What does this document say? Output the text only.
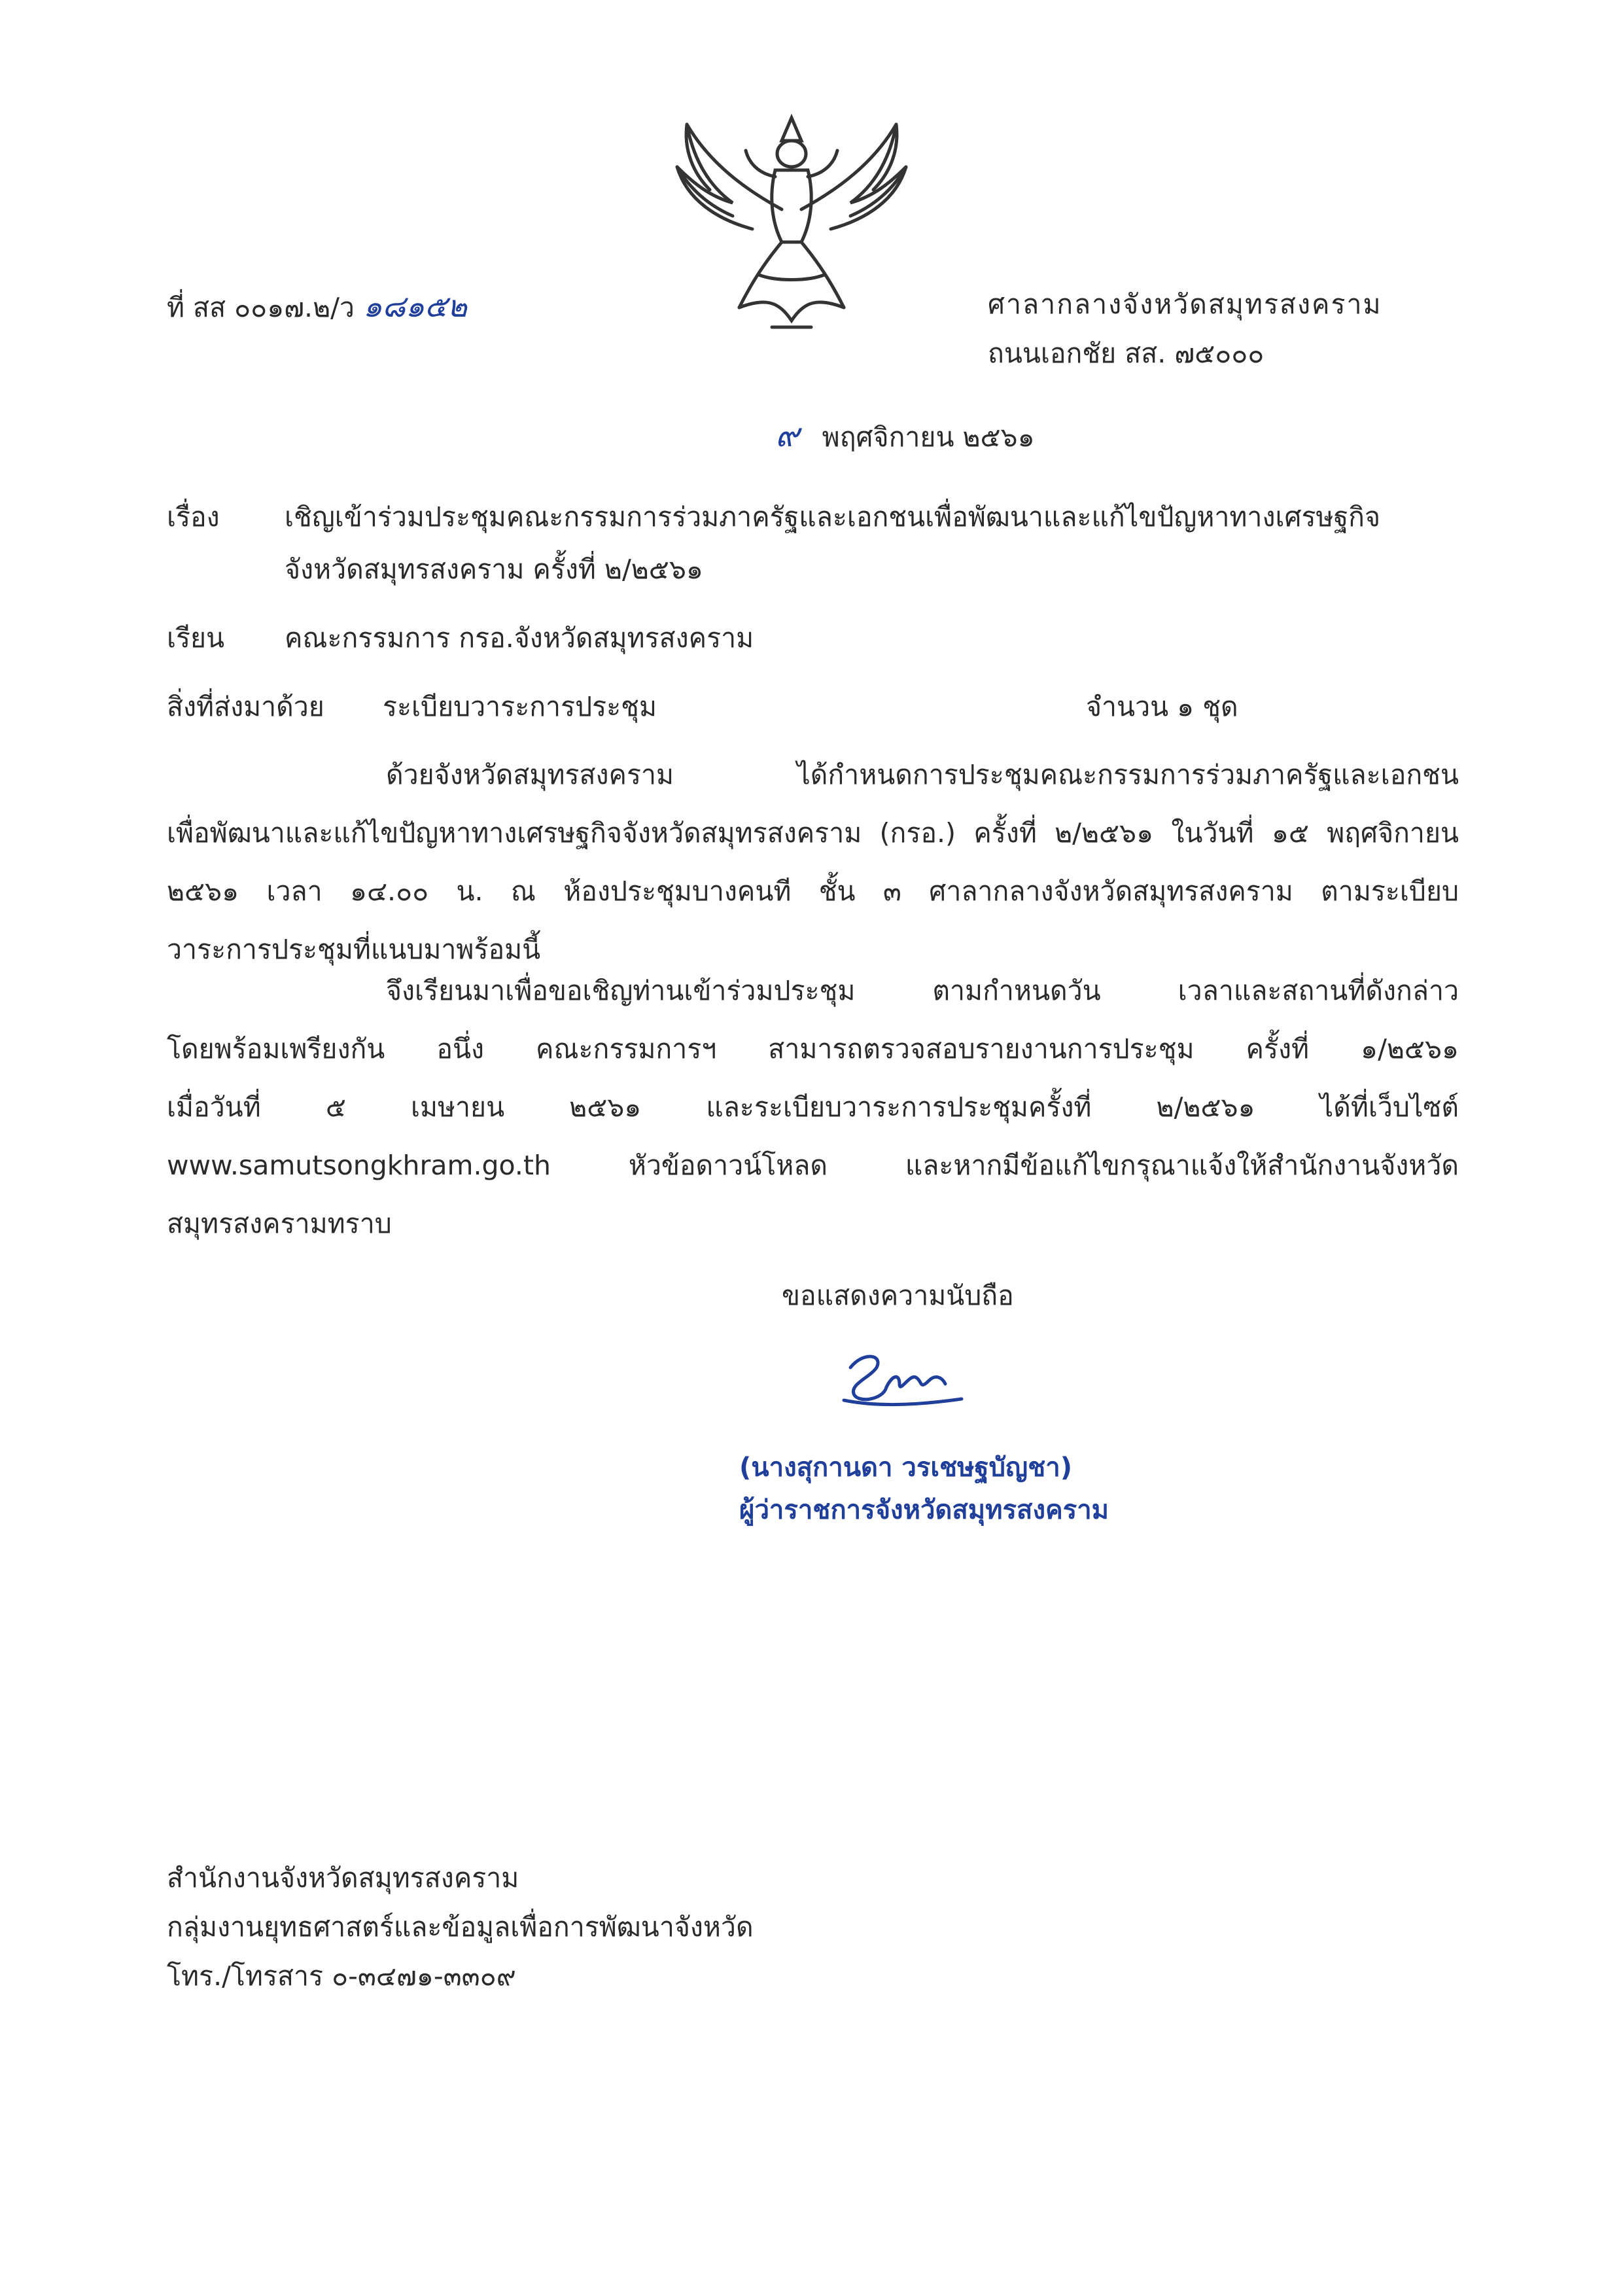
ที่ สส ๐๐๑๗.๒/ว ๑๘๑๕๒	ศาลากลางจังหวัดสมุทรสงคราม
ถนนเอกชัย สส. ๗๕๐๐๐
๙ พฤศจิกายน ๒๕๖๑
เรื่อง เชิญเข้าร่วมประชุมคณะกรรมการร่วมภาครัฐและเอกชนเพื่อพัฒนาและแก้ไขปัญหาทางเศรษฐกิจ
จังหวัดสมุทรสงคราม ครั้งที่ ๒/๒๕๖๑
เรียน คณะกรรมการ กรอ.จังหวัดสมุทรสงคราม
สิ่งที่ส่งมาด้วย ระเบียบวาระการประชุม	จำนวน ๑ ชุด
ด้วยจังหวัดสมุทรสงคราม ได้กำหนดการประชุมคณะกรรมการร่วมภาครัฐและเอกชน
เพื่อพัฒนาและแก้ไขปัญหาทางเศรษฐกิจจังหวัดสมุทรสงคราม (กรอ.) ครั้งที่ ๒/๒๕๖๑ ในวันที่ ๑๕ พฤศจิกายน
๒๕๖๑ เวลา ๑๔.๐๐ น. ณ ห้องประชุมบางคนที ชั้น ๓ ศาลากลางจังหวัดสมุทรสงคราม ตามระเบียบ
วาระการประชุมที่แนบมาพร้อมนี้
จึงเรียนมาเพื่อขอเชิญท่านเข้าร่วมประชุม ตามกำหนดวัน เวลาและสถานที่ดังกล่าว
โดยพร้อมเพรียงกัน อนึ่ง คณะกรรมการฯ สามารถตรวจสอบรายงานการประชุม ครั้งที่ ๑/๒๕๖๑
เมื่อวันที่ ๕ เมษายน ๒๕๖๑ และระเบียบวาระการประชุมครั้งที่ ๒/๒๕๖๑ ได้ที่เว็บไซต์
www.samutsongkhram.go.th หัวข้อดาวน์โหลด และหากมีข้อแก้ไขกรุณาแจ้งให้สำนักงานจังหวัด
สมุทรสงครามทราบ
ขอแสดงความนับถือ
(นางสุกานดา วรเชษฐบัญชา)
ผู้ว่าราชการจังหวัดสมุทรสงคราม
สำนักงานจังหวัดสมุทรสงคราม
กลุ่มงานยุทธศาสตร์และข้อมูลเพื่อการพัฒนาจังหวัด
โทร./โทรสาร ๐-๓๔๗๑-๓๓๐๙
